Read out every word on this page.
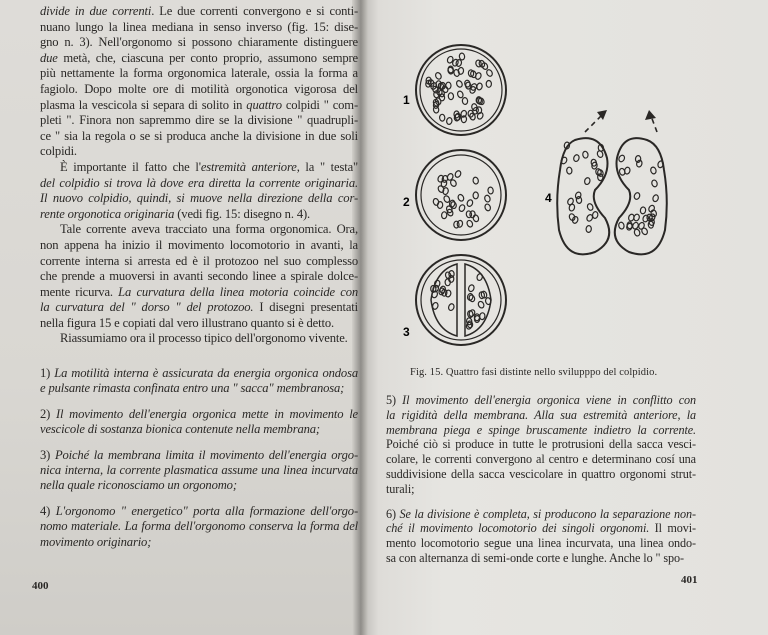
divide in due correnti. Le due correnti convergono e si conti-
nuano lungo la linea mediana in senso inverso (fig. 15: dise-
gno n. 3). Nell'orgonomo si possono chiaramente distinguere
due metà, che, ciascuna per conto proprio, assumono sempre
più nettamente la forma orgonomica laterale, ossia la forma a
fagiolo. Dopo molte ore di motilità orgonotica vigorosa del
plasma la vescicola si separa di solito in quattro colpidi " com-
pleti ". Finora non sapremmo dire se la divisione " quadrupli-
ce " sia la regola o se si produca anche la divisione in due soli
colpidi.
È importante il fatto che l'estremità anteriore, la " testa"
del colpidio si trova là dove era diretta la corrente originaria.
Il nuovo colpidio, quindi, si muove nella direzione della cor-
rente orgonotica originaria (vedi fig. 15: disegno n. 4).
Tale corrente aveva tracciato una forma orgonomica. Ora,
non appena ha inizio il movimento locomotorio in avanti, la
corrente interna si arresta ed è il protozoo nel suo complesso
che prende a muoversi in avanti secondo linee a spirale dolce-
mente ricurva. La curvatura della linea motoria coincide con
la curvatura del " dorso " del protozoo. I disegni presentati
nella figura 15 e copiati dal vero illustrano quanto si è detto.
Riassumiamo ora il processo tipico dell'orgonomo vivente.
1) La motilità interna è assicurata da energia orgonica ondosa
e pulsante rimasta confinata entro una " sacca" membranosa;
2) Il movimento dell'energia orgonica mette in movimento le
vescicole di sostanza bionica contenute nella membrana;
3) Poiché la membrana limita il movimento dell'energia orgo-
nica interna, la corrente plasmatica assume una linea incurvata
nella quale riconosciamo un orgonomo;
4) L'orgonomo " energetico" porta alla formazione dell'orgo-
nomo materiale. La forma dell'orgonomo conserva la forma del
movimento originario;
400
1
2
3
4
Fig. 15. Quattro fasi distinte nello svilupppo del colpidio.
5) Il movimento dell'energia orgonica viene in conflitto con
la rigidità della membrana. Alla sua estremità anteriore, la
membrana piega e spinge bruscamente indietro la corrente.
Poiché ciò si produce in tutte le protrusioni della sacca vesci-
colare, le correnti convergono al centro e determinano cosí una
suddivisione della sacca vescicolare in quattro orgonomi strut-
turali;
6) Se la divisione è completa, si producono la separazione non-
ché il movimento locomotorio dei singoli orgonomi. Il movi-
mento locomotorio segue una linea incurvata, una linea ondo-
sa con alternanza di semi-onde corte e lunghe. Anche lo " spo-
401
